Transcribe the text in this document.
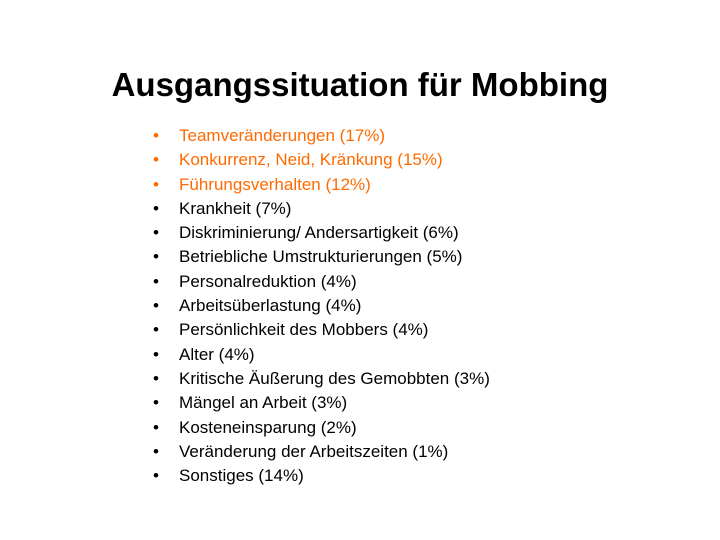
Ausgangssituation für Mobbing
• Teamveränderungen (17%)
• Konkurrenz, Neid, Kränkung (15%)
• Führungsverhalten (12%)
• Krankheit (7%)
• Diskriminierung/ Andersartigkeit (6%)
• Betriebliche Umstrukturierungen (5%)
• Personalreduktion (4%)
• Arbeitsüberlastung (4%)
• Persönlichkeit des Mobbers (4%)
• Alter (4%)
• Kritische Äußerung des Gemobbten (3%)
• Mängel an Arbeit (3%)
• Kosteneinsparung (2%)
• Veränderung der Arbeitszeiten (1%)
• Sonstiges (14%)
